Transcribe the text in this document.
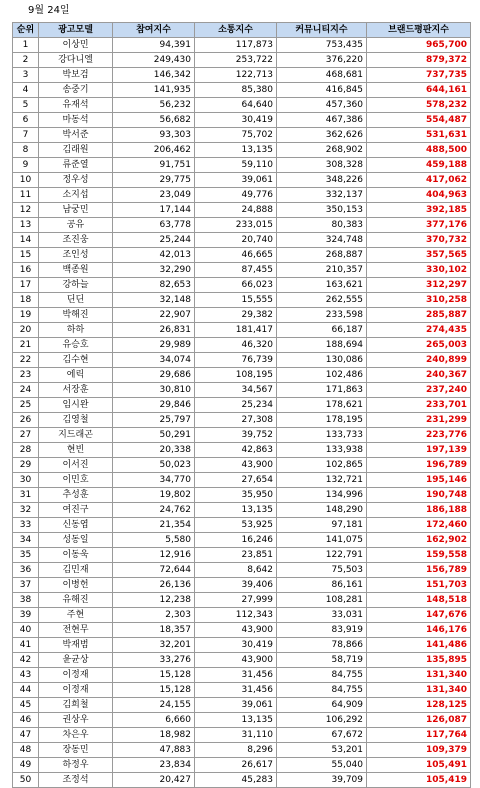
9월 24일
순위	광고모델	참여지수	소통지수	커뮤니티지수	브랜드평판지수
1	이상민	94,391	117,873	753,435	965,700
2	강다니엘	249,430	253,722	376,220	879,372
3	박보검	146,342	122,713	468,681	737,735
4	송중기	141,935	85,380	416,845	644,161
5	유재석	56,232	64,640	457,360	578,232
6	마동석	56,682	30,419	467,386	554,487
7	박서준	93,303	75,702	362,626	531,631
8	김래원	206,462	13,135	268,902	488,500
9	류준열	91,751	59,110	308,328	459,188
10	정우성	29,775	39,061	348,226	417,062
11	소지섭	23,049	49,776	332,137	404,963
12	남궁민	17,144	24,888	350,153	392,185
13	공유	63,778	233,015	80,383	377,176
14	조진웅	25,244	20,740	324,748	370,732
15	조인성	42,013	46,665	268,887	357,565
16	백종원	32,290	87,455	210,357	330,102
17	강하늘	82,653	66,023	163,621	312,297
18	딘딘	32,148	15,555	262,555	310,258
19	박해진	22,907	29,382	233,598	285,887
20	하하	26,831	181,417	66,187	274,435
21	유승호	29,989	46,320	188,694	265,003
22	김수현	34,074	76,739	130,086	240,899
23	에릭	29,686	108,195	102,486	240,367
24	서장훈	30,810	34,567	171,863	237,240
25	임시완	29,846	25,234	178,621	233,701
26	김영철	25,797	27,308	178,195	231,299
27	지드래곤	50,291	39,752	133,733	223,776
28	현빈	20,338	42,863	133,938	197,139
29	이서진	50,023	43,900	102,865	196,789
30	이민호	34,770	27,654	132,721	195,146
31	추성훈	19,802	35,950	134,996	190,748
32	여진구	24,762	13,135	148,290	186,188
33	신동엽	21,354	53,925	97,181	172,460
34	성동일	5,580	16,246	141,075	162,902
35	이동욱	12,916	23,851	122,791	159,558
36	김민재	72,644	8,642	75,503	156,789
37	이병헌	26,136	39,406	86,161	151,703
38	유해진	12,238	27,999	108,281	148,518
39	주현	2,303	112,343	33,031	147,676
40	전현무	18,357	43,900	83,919	146,176
41	박재범	32,201	30,419	78,866	141,486
42	윤균상	33,276	43,900	58,719	135,895
43	이정재	15,128	31,456	84,755	131,340
44	이정재	15,128	31,456	84,755	131,340
45	김희철	24,155	39,061	64,909	128,125
46	권상우	6,660	13,135	106,292	126,087
47	차은우	18,982	31,110	67,672	117,764
48	장동민	47,883	8,296	53,201	109,379
49	하정우	23,834	26,617	55,040	105,491
50	조정석	20,427	45,283	39,709	105,419
